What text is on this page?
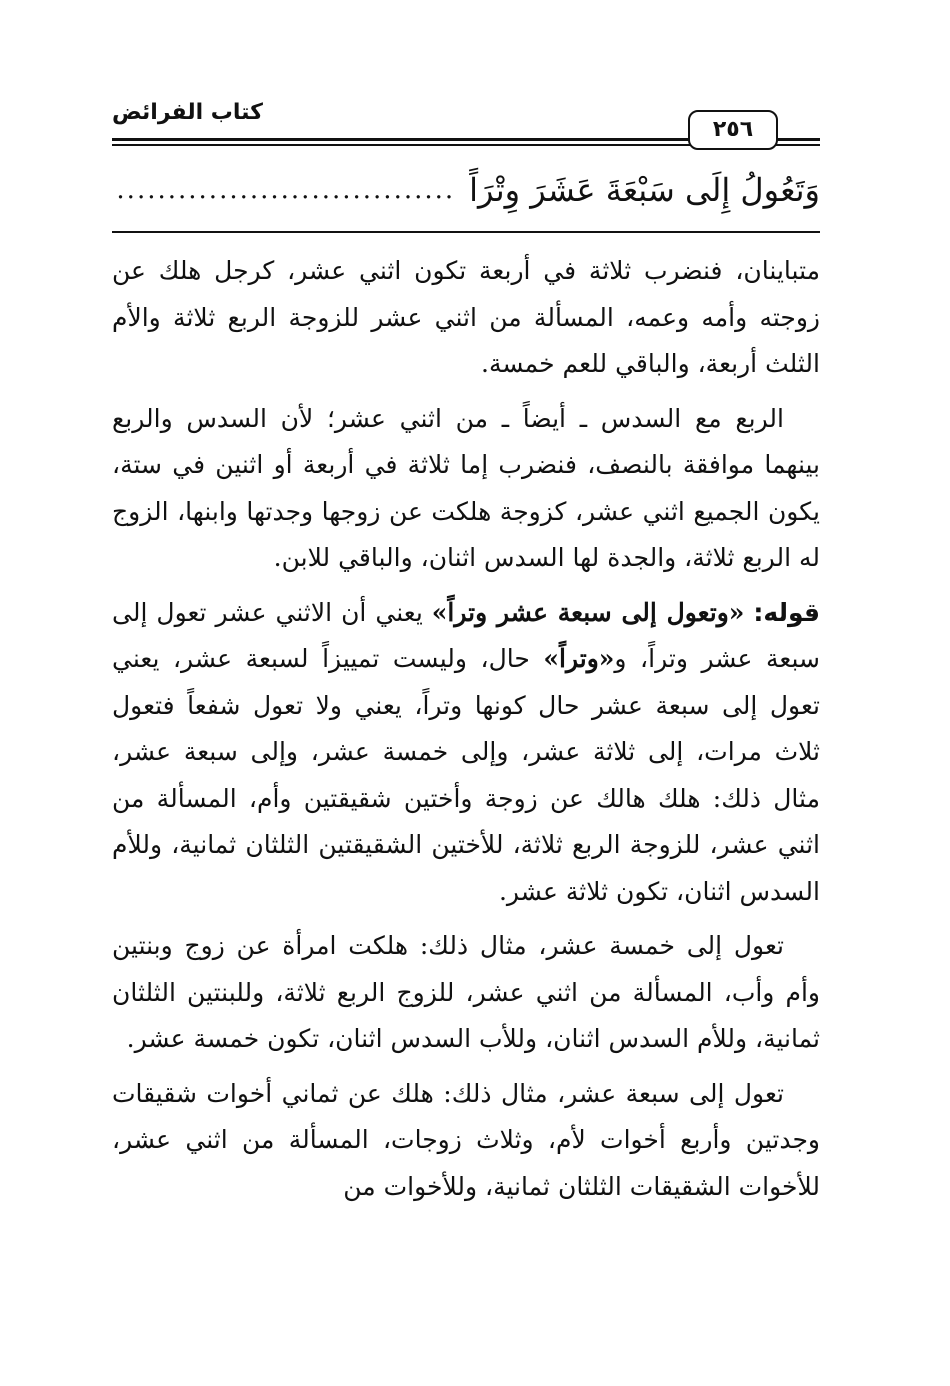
كتاب الفرائض
٢٥٦
وَتَعُولُ إِلَى سَبْعَةَ عَشَرَ وِتْرَاً
.................................

متباينان، فنضرب ثلاثة في أربعة تكون اثني عشر، كرجل هلك عن زوجته وأمه وعمه، المسألة من اثني عشر للزوجة الربع ثلاثة والأم الثلث أربعة، والباقي للعم خمسة.

الربع مع السدس ـ أيضاً ـ من اثني عشر؛ لأن السدس والربع بينهما موافقة بالنصف، فنضرب إما ثلاثة في أربعة أو اثنين في ستة، يكون الجميع اثني عشر، كزوجة هلكت عن زوجها وجدتها وابنها، الزوج له الربع ثلاثة، والجدة لها السدس اثنان، والباقي للابن.

قوله: «وتعول إلى سبعة عشر وتراً» يعني أن الاثني عشر تعول إلى سبعة عشر وتراً، و«وتراً» حال، وليست تمييزاً لسبعة عشر، يعني تعول إلى سبعة عشر حال كونها وتراً، يعني ولا تعول شفعاً فتعول ثلاث مرات، إلى ثلاثة عشر، وإلى خمسة عشر، وإلى سبعة عشر، مثال ذلك: هلك هالك عن زوجة وأختين شقيقتين وأم، المسألة من اثني عشر، للزوجة الربع ثلاثة، للأختين الشقيقتين الثلثان ثمانية، وللأم السدس اثنان، تكون ثلاثة عشر.

تعول إلى خمسة عشر، مثال ذلك: هلكت امرأة عن زوج وبنتين وأم وأب، المسألة من اثني عشر، للزوج الربع ثلاثة، وللبنتين الثلثان ثمانية، وللأم السدس اثنان، وللأب السدس اثنان، تكون خمسة عشر.

تعول إلى سبعة عشر، مثال ذلك: هلك عن ثماني أخوات شقيقات وجدتين وأربع أخوات لأم، وثلاث زوجات، المسألة من اثني عشر، للأخوات الشقيقات الثلثان ثمانية، وللأخوات من
